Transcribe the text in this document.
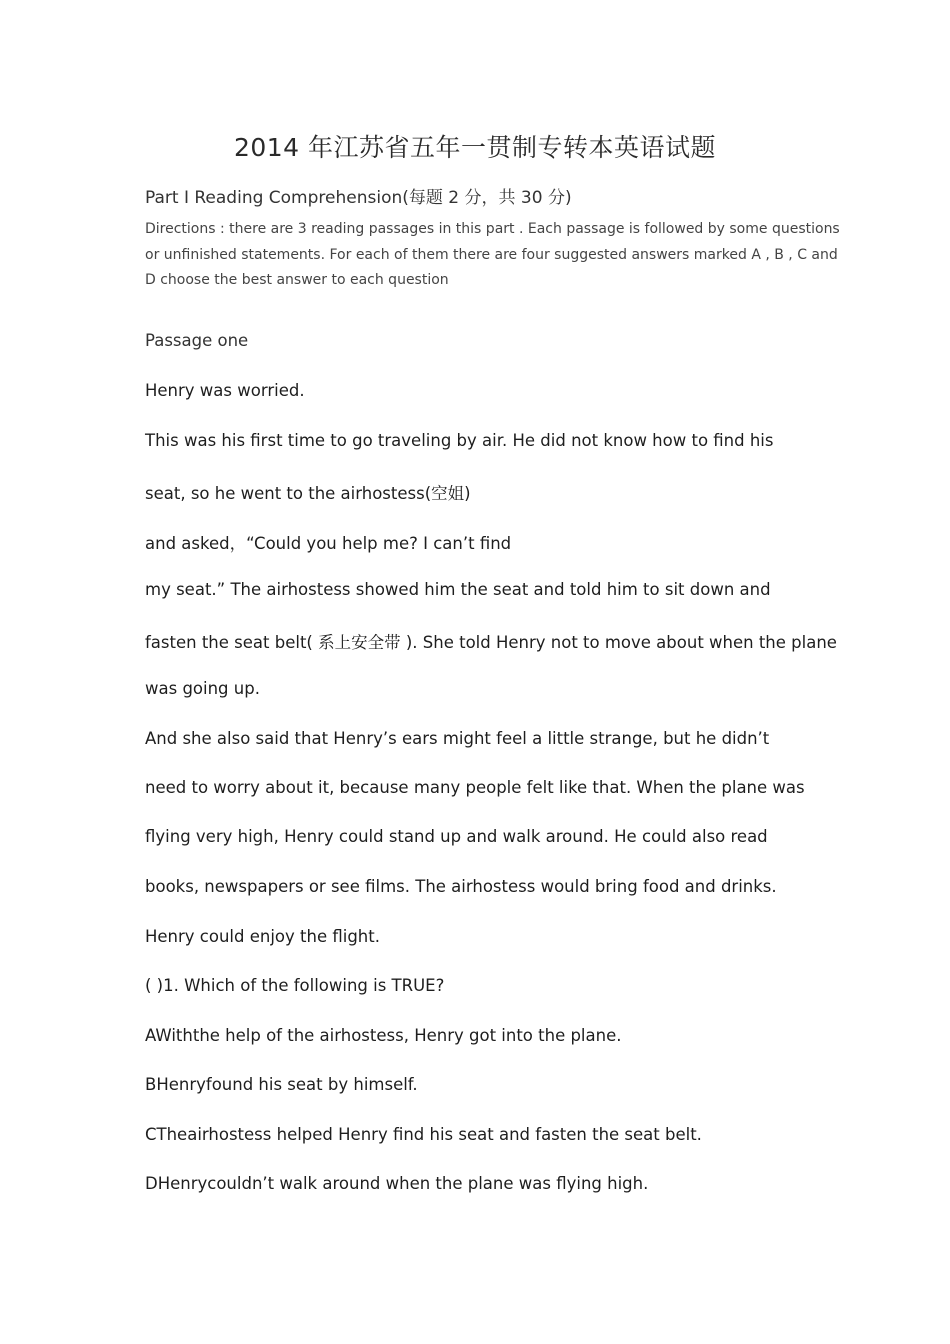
2014 年江苏省五年一贯制专转本英语试题
Part I Reading Comprehension(每题 2 分，共 30 分)
Directions : there are 3 reading passages in this part . Each passage is followed by some questions
or unfinished statements. For each of them there are four suggested answers marked A , B , C and
D choose the best answer to each question
Passage one
Henry was worried.
This was his first time to go traveling by air. He did not know how to find his
seat, so he went to the airhostess(空姐)
and asked，“Could you help me? I can’t find
my seat.” The airhostess showed him the seat and told him to sit down and
fasten the seat belt( 系上安全带 ). She told Henry not to move about when the plane
was going up.
And she also said that Henry’s ears might feel a little strange, but he didn’t
need to worry about it, because many people felt like that. When the plane was
flying very high, Henry could stand up and walk around. He could also read
books, newspapers or see films. The airhostess would bring food and drinks.
Henry could enjoy the flight.
( )1. Which of the following is TRUE?
AWiththe help of the airhostess, Henry got into the plane.
BHenryfound his seat by himself.
CTheairhostess helped Henry find his seat and fasten the seat belt.
DHenrycouldn’t walk around when the plane was flying high.
